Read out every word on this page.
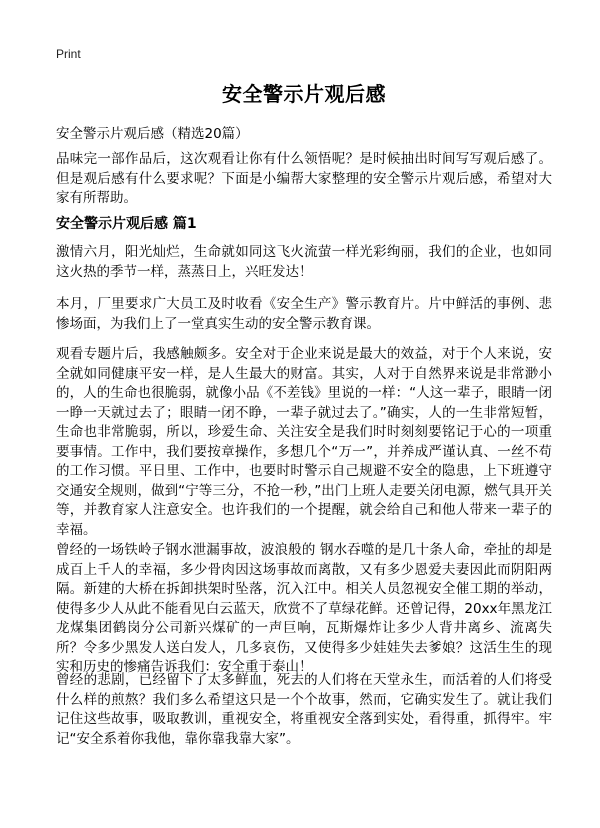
Print
安全警示片观后感

安全警示片观后感（精选20篇）

品味完一部作品后，这次观看让你有什么领悟呢？是时候抽出时间写写观后感了。但是观后感有什么要求呢？下面是小编帮大家整理的安全警示片观后感，希望对大家有所帮助。

安全警示片观后感 篇1

激情六月，阳光灿烂，生命就如同这飞火流萤一样光彩绚丽，我们的企业，也如同这火热的季节一样，蒸蒸日上，兴旺发达！

本月，厂里要求广大员工及时收看《安全生产》警示教育片。片中鲜活的事例、悲惨场面，为我们上了一堂真实生动的安全警示教育课。

观看专题片后，我感触颇多。安全对于企业来说是最大的效益，对于个人来说，安全就如同健康平安一样，是人生最大的财富。其实，人对于自然界来说是非常渺小的，人的生命也很脆弱，就像小品《不差钱》里说的一样：“人这一辈子，眼睛一闭一睁一天就过去了；眼睛一闭不睁，一辈子就过去了。”确实，人的一生非常短暂，生命也非常脆弱，所以，珍爱生命、关注安全是我们时时刻刻要铭记于心的一项重要事情。工作中，我们要按章操作，多想几个“万一”，并养成严谨认真、一丝不苟的工作习惯。平日里、工作中，也要时时警示自己规避不安全的隐患，上下班遵守交通安全规则，做到“宁等三分，不抢一秒，”出门上班人走要关闭电源，燃气具开关等，并教育家人注意安全。也许我们的一个提醒，就会给自己和他人带来一辈子的幸福。

曾经的一场铁岭子钢水泄漏事故，波浪般的 钢水吞噬的是几十条人命，牵扯的却是成百上千人的幸福，多少骨肉因这场事故而离散，又有多少恩爱夫妻因此而阴阳两隔。新建的大桥在拆卸拱架时坠落，沉入江中。相关人员忽视安全催工期的举动，使得多少人从此不能看见白云蓝天，欣赏不了草绿花鲜。还曾记得，20xx年黑龙江龙煤集团鹤岗分公司新兴煤矿的一声巨响，瓦斯爆炸让多少人背井离乡、流离失所？令多少黑发人送白发人，几多哀伤，又使得多少娃娃失去爹娘？这活生生的现实和历史的惨痛告诉我们：安全重于泰山！

曾经的悲剧，已经留下了太多鲜血，死去的人们将在天堂永生，而活着的人们将受什么样的煎熬？我们多么希望这只是一个个故事，然而，它确实发生了。就让我们记住这些故事，吸取教训，重视安全，将重视安全落到实处，看得重，抓得牢。牢记“安全系着你我他，靠你靠我靠大家”。
